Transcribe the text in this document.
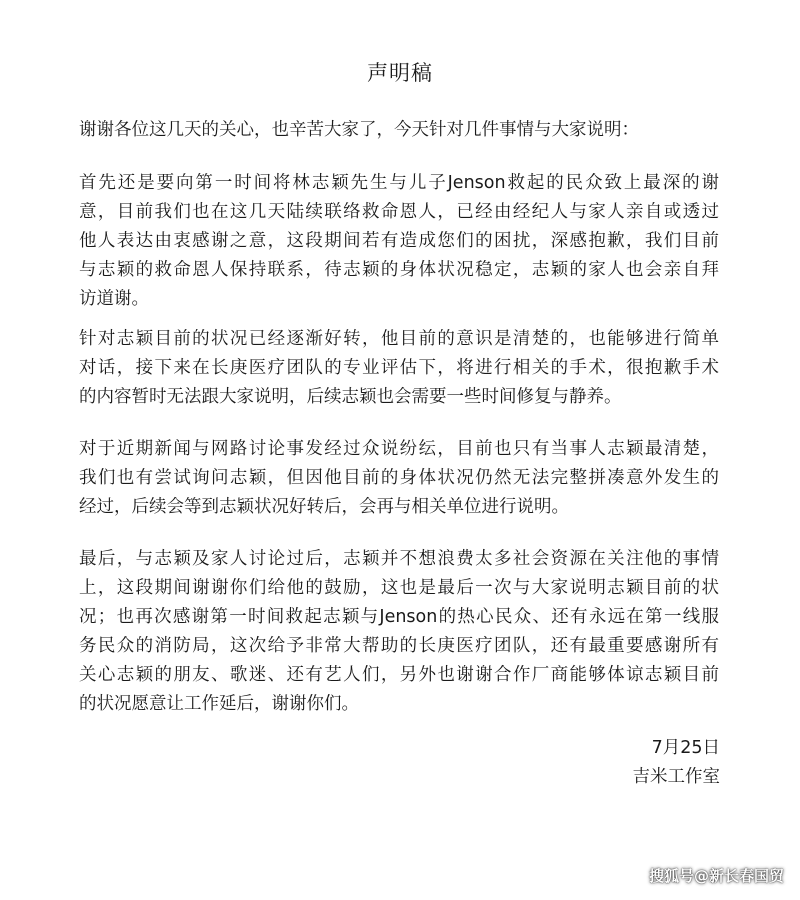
声明稿
谢谢各位这几天的关心，也辛苦大家了，今天针对几件事情与大家说明：
首先还是要向第一时间将林志颖先生与儿子Jenson救起的民众致上最深的谢
意，目前我们也在这几天陆续联络救命恩人，已经由经纪人与家人亲自或透过
他人表达由衷感谢之意，这段期间若有造成您们的困扰，深感抱歉，我们目前
与志颖的救命恩人保持联系，待志颖的身体状况稳定，志颖的家人也会亲自拜
访道谢。
针对志颖目前的状况已经逐渐好转，他目前的意识是清楚的，也能够进行简单
对话，接下来在长庚医疗团队的专业评估下，将进行相关的手术，很抱歉手术
的内容暂时无法跟大家说明，后续志颖也会需要一些时间修复与静养。
对于近期新闻与网路讨论事发经过众说纷纭，目前也只有当事人志颖最清楚，
我们也有尝试询问志颖，但因他目前的身体状况仍然无法完整拼凑意外发生的
经过，后续会等到志颖状况好转后，会再与相关单位进行说明。
最后，与志颖及家人讨论过后，志颖并不想浪费太多社会资源在关注他的事情
上，这段期间谢谢你们给他的鼓励，这也是最后一次与大家说明志颖目前的状
况；也再次感谢第一时间救起志颖与Jenson的热心民众、还有永远在第一线服
务民众的消防局，这次给予非常大帮助的长庚医疗团队，还有最重要感谢所有
关心志颖的朋友、歌迷、还有艺人们，另外也谢谢合作厂商能够体谅志颖目前
的状况愿意让工作延后，谢谢你们。
7月25日
吉米工作室
搜狐号@新长春国贸
